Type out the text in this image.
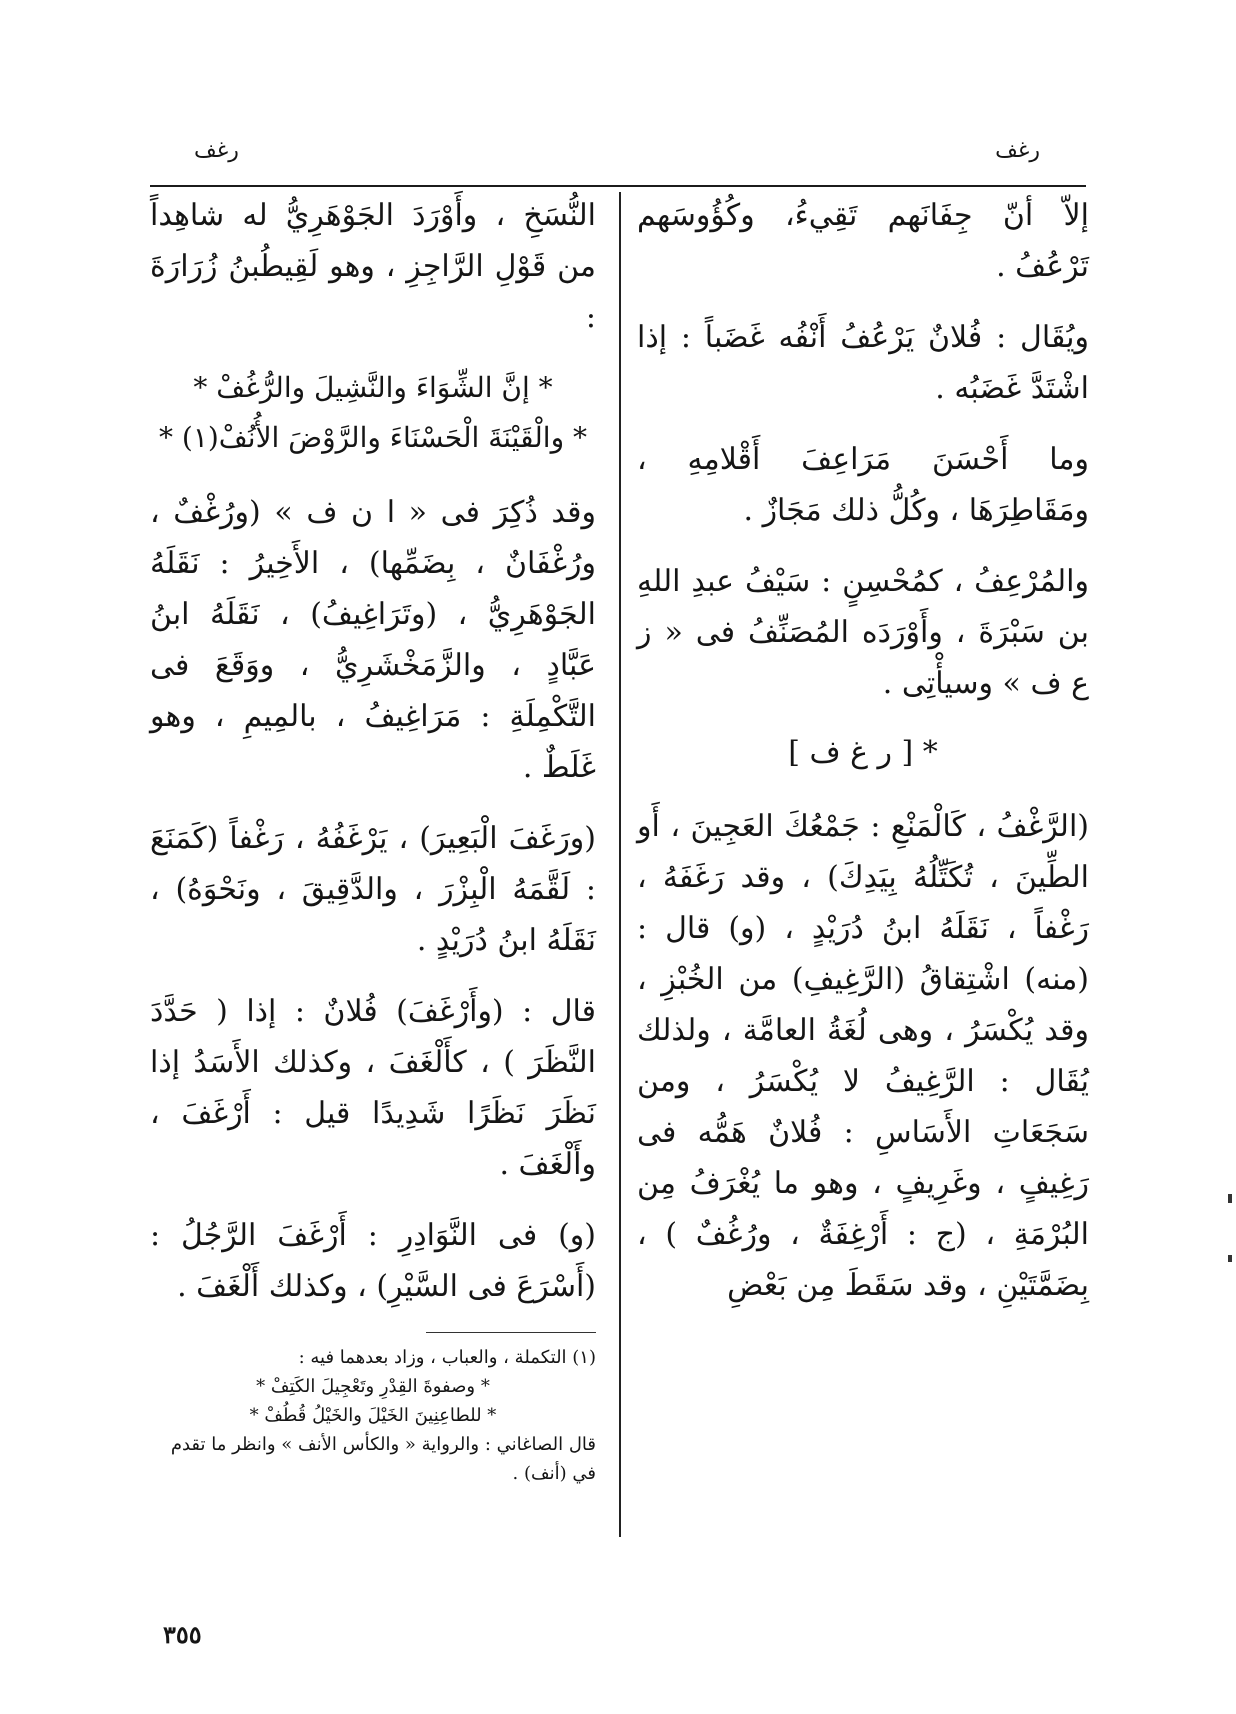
رغف
رغف

إلاّ أنّ جِفَانَهم تَقِيءُ، وكُؤُوسَهم تَرْعُفُ .

ويُقَال : فُلانٌ يَرْعُفُ أَنْفُه غَضَباً : إذا اشْتَدَّ غَضَبُه .

وما أَحْسَنَ مَرَاعِفَ أَقْلامِهِ ، ومَقَاطِرَهَا ، وكُلُّ ذلك مَجَازٌ .

والمُرْعِفُ ، كمُحْسِنٍ : سَيْفُ عبدِ اللهِ بن سَبْرَةَ ، وأَوْرَدَه المُصَنِّفُ فى « ز ع ف » وسيأْتِى .

* [ ر غ ف ]

(الرَّغْفُ ، كَالْمَنْعِ : جَمْعُكَ العَجِينَ ، أَو الطِّينَ ، تُكَتِّلُهُ بِيَدِكَ) ، وقد رَغَفَهُ ، رَغْفاً ، نَقَلَهُ ابنُ دُرَيْدٍ ، (و) قال : (منه) اشْتِقاقُ (الرَّغِيفِ) من الخُبْزِ ، وقد يُكْسَرُ ، وهى لُغَةُ العامَّة ، ولذلك يُقَال : الرَّغِيفُ لا يُكْسَرُ ، ومن سَجَعَاتِ الأَسَاسِ : فُلانٌ هَمُّه فى رَغِيفٍ ، وغَرِيفٍ ، وهو ما يُغْرَفُ مِن البُرْمَةِ ، (ج : أَرْغِفَةٌ ، ورُغُفٌ ) ، بِضَمَّتَيْنِ ، وقد سَقَطَ مِن بَعْضِ

النُّسَخِ ، وأَوْرَدَ الجَوْهَرِيُّ له شاهِداً من قَوْلِ الرَّاجِزِ ، وهو لَقِيطُبنُ زُرَارَةَ :

* إنَّ الشِّوَاءَ والنَّشِيلَ والرُّغُفْ *

* والْقَيْنَةَ الْحَسْنَاءَ والرَّوْضَ الأُنُفْ(١) *

وقد ذُكِرَ فى « ا ن ف » (ورُغْفٌ ، ورُغْفَانٌ ، بِضَمِّها) ، الأَخِيرُ : نَقَلَهُ الجَوْهَرِيُّ ، (وتَرَاغِيفُ) ، نَقَلَهُ ابنُ عَبَّادٍ ، والزَّمَخْشَرِيُّ ، ووَقَعَ فى التَّكْمِلَةِ : مَرَاغِيفُ ، بالمِيمِ ، وهو غَلَطٌ .

(ورَغَفَ الْبَعِيرَ) ، يَرْغَفُهُ ، رَغْفاً (كَمَنَعَ : لَقَّمَهُ الْبِزْرَ ، والدَّقِيقَ ، ونَحْوَهُ) ، نَقَلَهُ ابنُ دُرَيْدٍ .

قال : (وأَرْغَفَ) فُلانٌ : إذا ( حَدَّدَ النَّظَرَ ) ، كأَلْغَفَ ، وكذلك الأَسَدُ إذا نَظَرَ نَظَرًا شَدِيدًا قيل : أَرْغَفَ ، وأَلْغَفَ .

(و) فى النَّوَادِرِ : أَرْغَفَ الرَّجُلُ : (أَسْرَعَ فى السَّيْرِ) ، وكذلك أَلْغَفَ .

(١) التكملة ، والعباب ، وزاد بعدهما فيه :

* وصفوةَ القِدْرِ وتَعْجِيلَ الكَتِفْ *

* للطاعِنِينَ الخَيْلَ والخَيْلُ قُطُفْ *

قال الصاغاني : والرواية « والكأس الأنف » وانظر ما تقدم

في (أنف) .

٣٥٥
